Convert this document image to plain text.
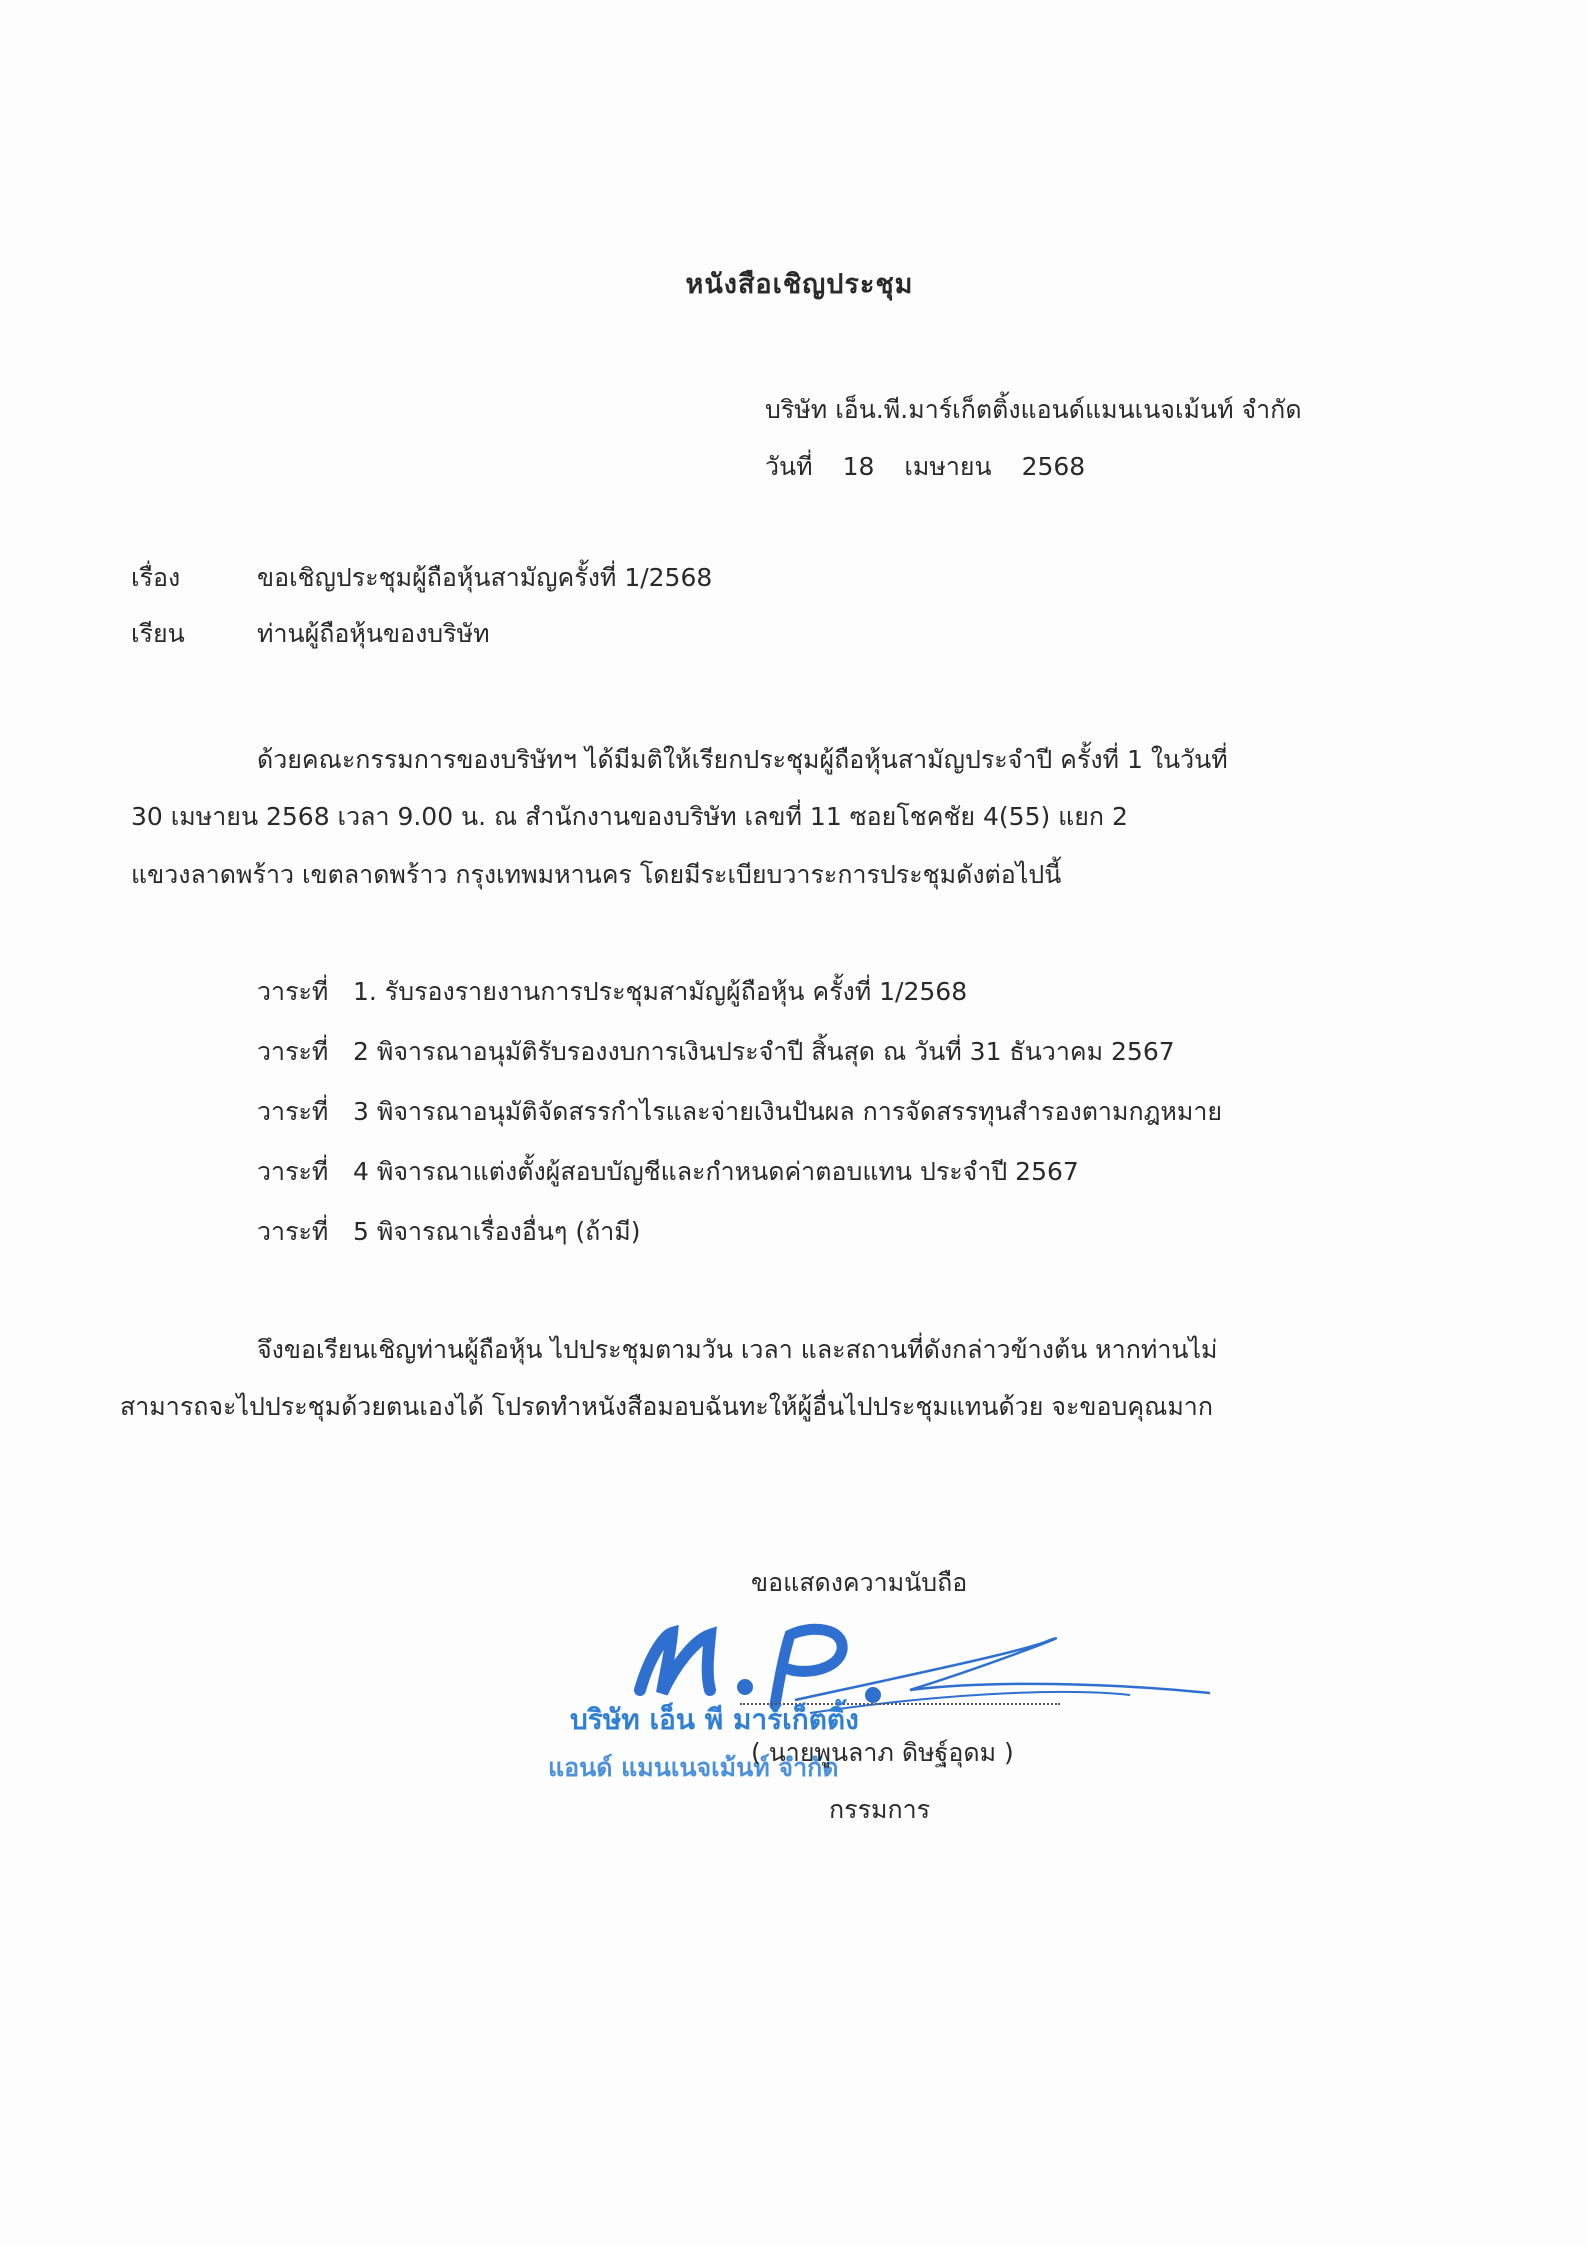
หนังสือเชิญประชุม
บริษัท เอ็น.พี.มาร์เก็ตติ้งแอนด์แมนเนจเม้นท์ จำกัด
วันที่ 18 เมษายน 2568
เรื่อง	ขอเชิญประชุมผู้ถือหุ้นสามัญครั้งที่ 1/2568
เรียน	ท่านผู้ถือหุ้นของบริษัท
ด้วยคณะกรรมการของบริษัทฯ ได้มีมติให้เรียกประชุมผู้ถือหุ้นสามัญประจำปี ครั้งที่ 1 ในวันที่
30 เมษายน 2568 เวลา 9.00 น. ณ สำนักงานของบริษัท เลขที่ 11 ซอยโชคชัย 4(55) แยก 2
แขวงลาดพร้าว เขตลาดพร้าว กรุงเทพมหานคร โดยมีระเบียบวาระการประชุมดังต่อไปนี้
วาระที่ 1. รับรองรายงานการประชุมสามัญผู้ถือหุ้น ครั้งที่ 1/2568
วาระที่ 2 พิจารณาอนุมัติรับรองงบการเงินประจำปี สิ้นสุด ณ วันที่ 31 ธันวาคม 2567
วาระที่ 3 พิจารณาอนุมัติจัดสรรกำไรและจ่ายเงินปันผล การจัดสรรทุนสำรองตามกฎหมาย
วาระที่ 4 พิจารณาแต่งตั้งผู้สอบบัญชีและกำหนดค่าตอบแทน ประจำปี 2567
วาระที่ 5 พิจารณาเรื่องอื่นๆ (ถ้ามี)
จึงขอเรียนเชิญท่านผู้ถือหุ้น ไปประชุมตามวัน เวลา และสถานที่ดังกล่าวข้างต้น หากท่านไม่
สามารถจะไปประชุมด้วยตนเองได้ โปรดทำหนังสือมอบฉันทะให้ผู้อื่นไปประชุมแทนด้วย จะขอบคุณมาก
ขอแสดงความนับถือ
บริษัท เอ็น พี มาร์เก็ตติ้ง
แอนด์ แมนเนจเม้นท์ จำกัด
( นายพูนลาภ ดิษฐ์อุดม )
กรรมการ
